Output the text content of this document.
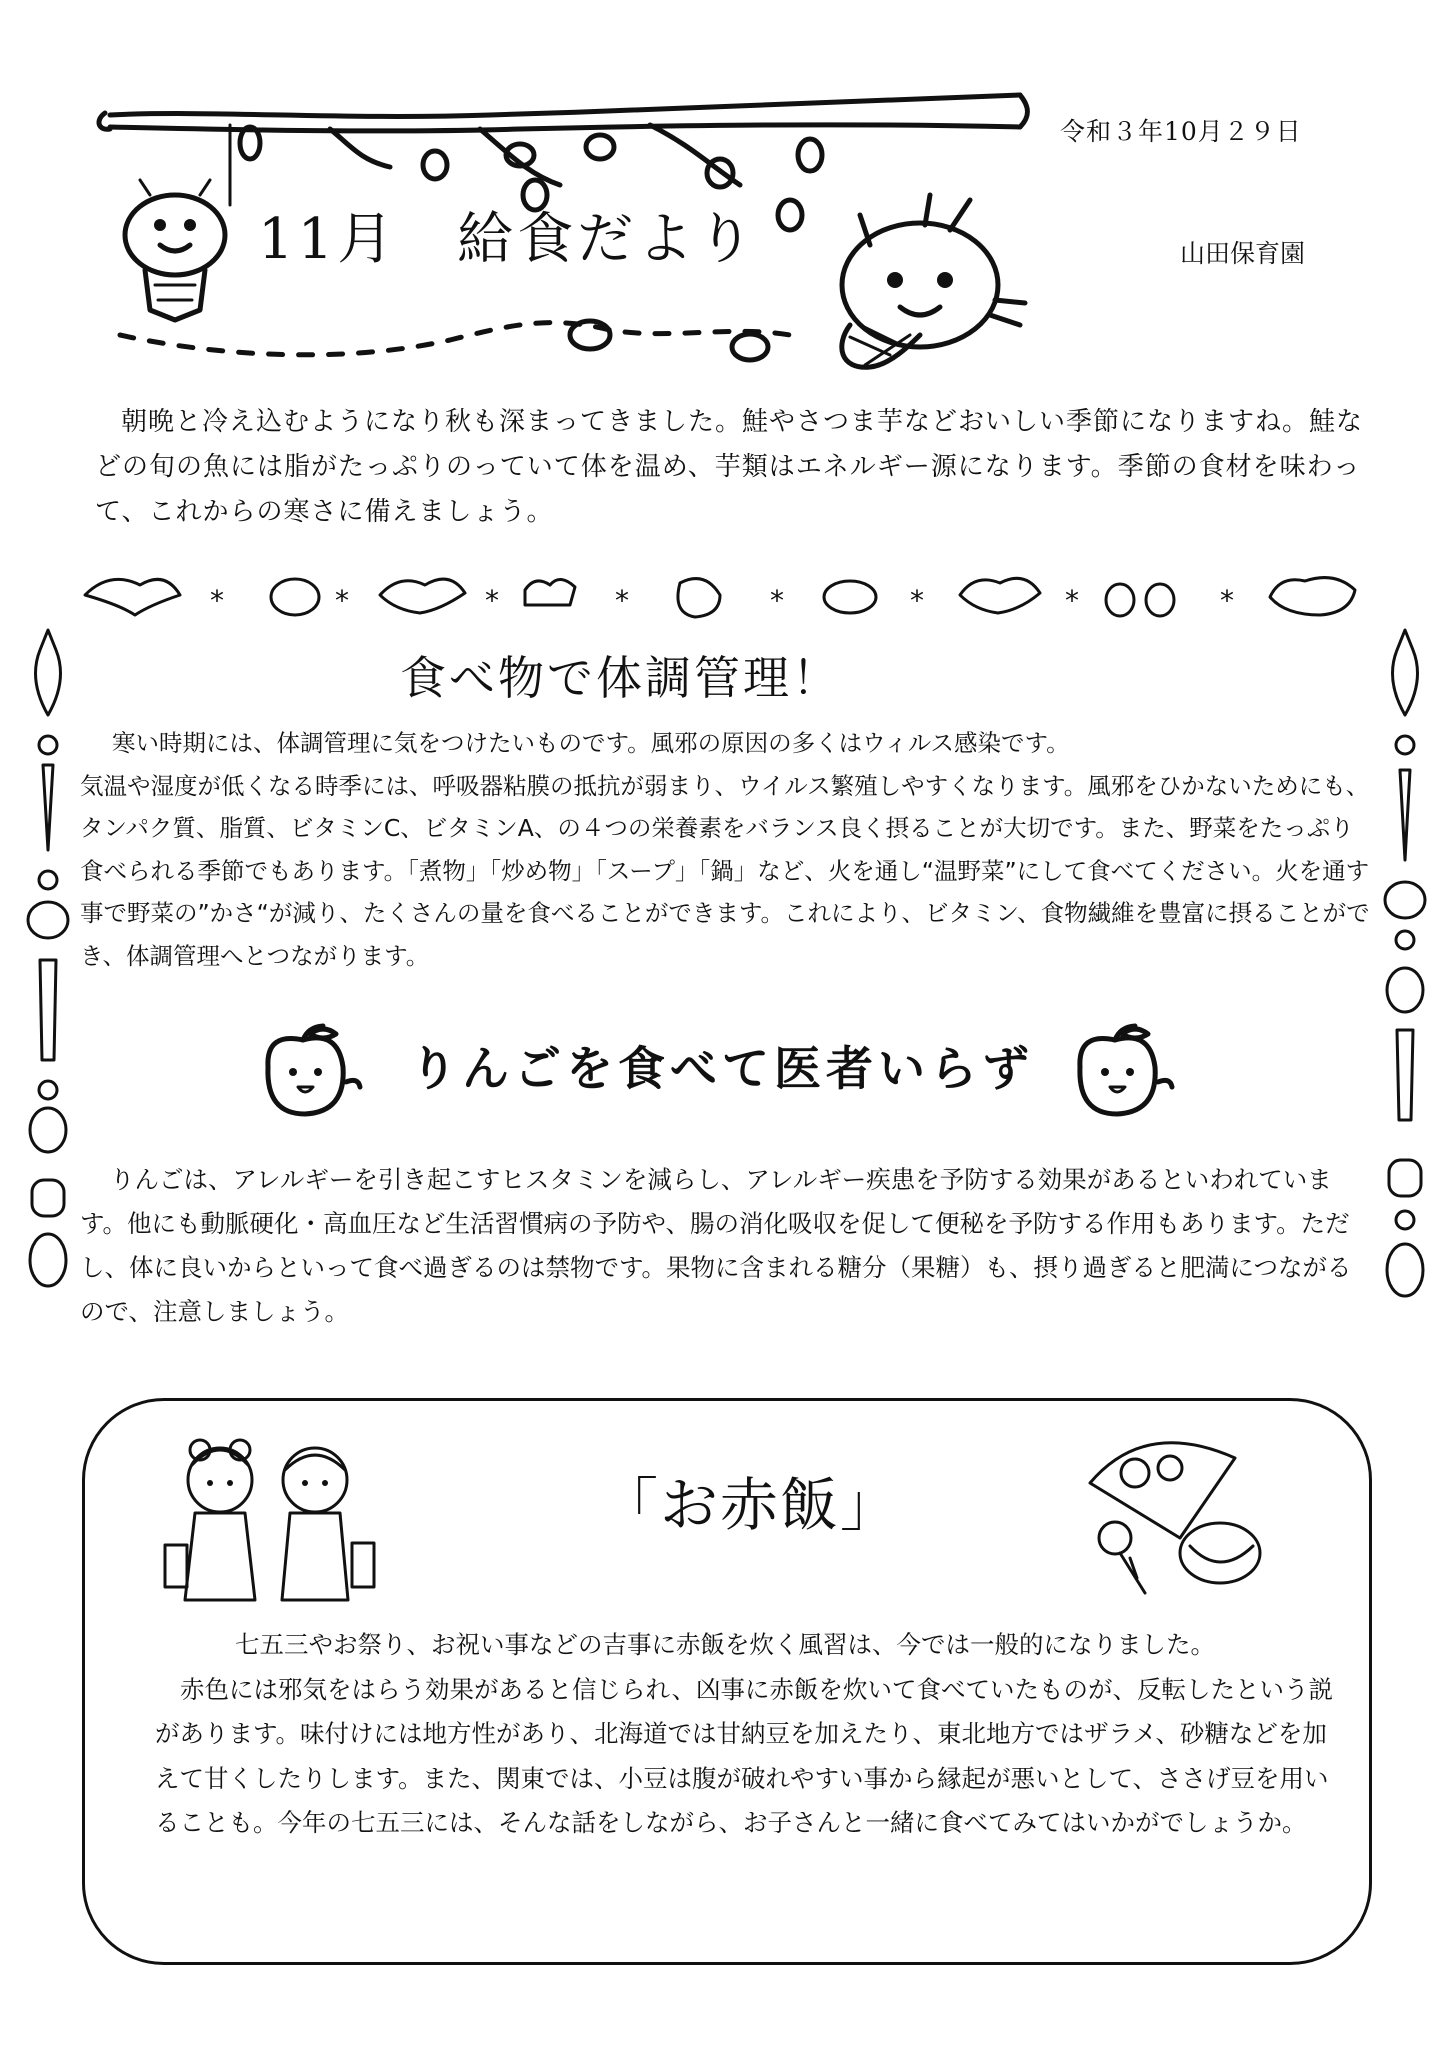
令和３年10月２９日
11月　給食だより	山田保育園

朝晩と冷え込むようになり秋も深まってきました。鮭やさつま芋などおいしい季節になりますね。鮭などの旬の魚には脂がたっぷりのっていて体を温め、芋類はエネルギー源になります。季節の食材を味わって、これからの寒さに備えましょう。

*	*	*	*	*	*	*	*
食べ物で体調管理！
寒い時期には、体調管理に気をつけたいものです。風邪の原因の多くはウィルス感染です。
気温や湿度が低くなる時季には、呼吸器粘膜の抵抗が弱まり、ウイルス繁殖しやすくなります。風邪をひかないためにも、タンパク質、脂質、ビタミンC、ビタミンA、の４つの栄養素をバランス良く摂ることが大切です。また、野菜をたっぷり食べられる季節でもあります。「煮物」「炒め物」「スープ」「鍋」など、火を通し“温野菜”にして食べてください。火を通す事で野菜の”かさ“が減り、たくさんの量を食べることができます。これにより、ビタミン、食物繊維を豊富に摂ることができ、体調管理へとつながります。
りんごを食べて医者いらず

りんごは、アレルギーを引き起こすヒスタミンを減らし、アレルギー疾患を予防する効果があるといわれています。他にも動脈硬化・高血圧など生活習慣病の予防や、腸の消化吸収を促して便秘を予防する作用もあります。ただし、体に良いからといって食べ過ぎるのは禁物です。果物に含まれる糖分（果糖）も、摂り過ぎると肥満につながるので、注意しましょう。

「お赤飯」
七五三やお祭り、お祝い事などの吉事に赤飯を炊く風習は、今では一般的になりました。
赤色には邪気をはらう効果があると信じられ、凶事に赤飯を炊いて食べていたものが、反転したという説があります。味付けには地方性があり、北海道では甘納豆を加えたり、東北地方ではザラメ、砂糖などを加えて甘くしたりします。また、関東では、小豆は腹が破れやすい事から縁起が悪いとして、ささげ豆を用いることも。今年の七五三には、そんな話をしながら、お子さんと一緒に食べてみてはいかがでしょうか。
